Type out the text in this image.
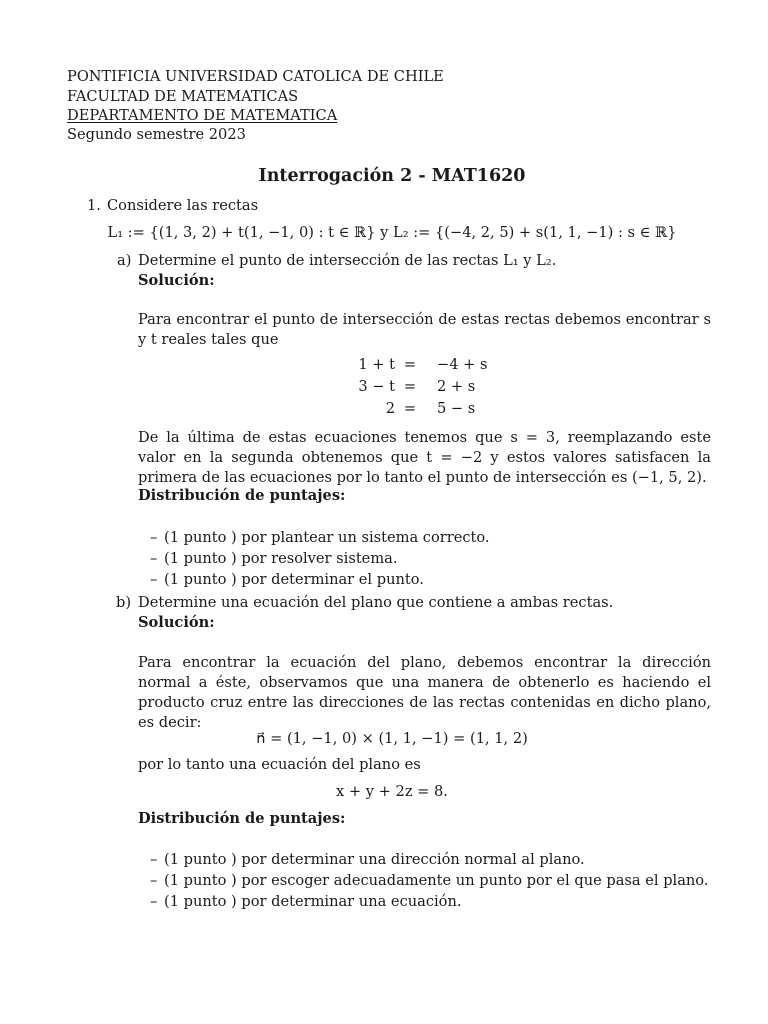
PONTIFICIA UNIVERSIDAD CATOLICA DE CHILE
FACULTAD DE MATEMATICAS
DEPARTAMENTO DE MATEMATICA
Segundo semestre 2023
Interrogación 2 - MAT1620
1. Considere las rectas
L₁ := {(1, 3, 2) + t(1, −1, 0) : t ∈ ℝ} y L₂ := {(−4, 2, 5) + s(1, 1, −1) : s ∈ ℝ}
a) Determine el punto de intersección de las rectas L₁ y L₂.
Solución:
Para encontrar el punto de intersección de estas rectas debemos encontrar s y t reales tales que
1 + t	=	−4 + s
3 − t	=	2 + s
2	=	5 − s
De la última de estas ecuaciones tenemos que s = 3, reemplazando este valor en la segunda obtenemos que t = −2 y estos valores satisfacen la primera de las ecuaciones por lo tanto el punto de intersección es (−1, 5, 2).
Distribución de puntajes:
– (1 punto ) por plantear un sistema correcto.
– (1 punto ) por resolver sistema.
– (1 punto ) por determinar el punto.
b) Determine una ecuación del plano que contiene a ambas rectas.
Solución:
Para encontrar la ecuación del plano, debemos encontrar la dirección normal a éste, observamos que una manera de obtenerlo es haciendo el producto cruz entre las direcciones de las rectas contenidas en dicho plano, es decir:
n⃗ = (1, −1, 0) × (1, 1, −1) = (1, 1, 2)
por lo tanto una ecuación del plano es
x + y + 2z = 8.
Distribución de puntajes:
– (1 punto ) por determinar una dirección normal al plano.
– (1 punto ) por escoger adecuadamente un punto por el que pasa el plano.
– (1 punto ) por determinar una ecuación.
